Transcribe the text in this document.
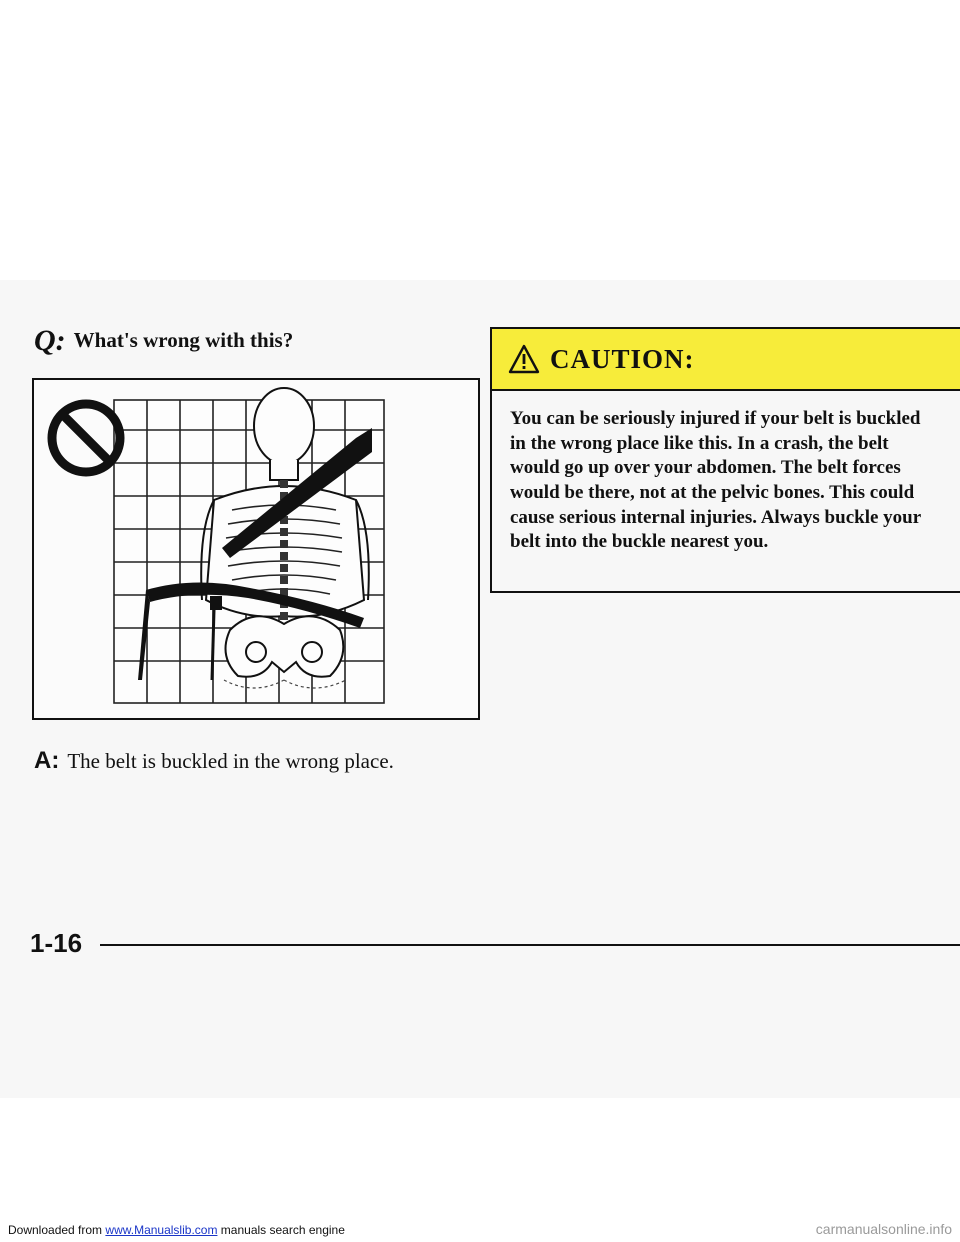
Q: What's wrong with this?
A: The belt is buckled in the wrong place.
CAUTION:
You can be seriously injured if your belt is buckled in the wrong place like this. In a crash, the belt would go up over your abdomen. The belt forces would be there, not at the pelvic bones. This could cause serious internal injuries. Always buckle your belt into the buckle nearest you.
1-16
Downloaded from www.Manualslib.com manuals search engine	carmanualsonline.info
